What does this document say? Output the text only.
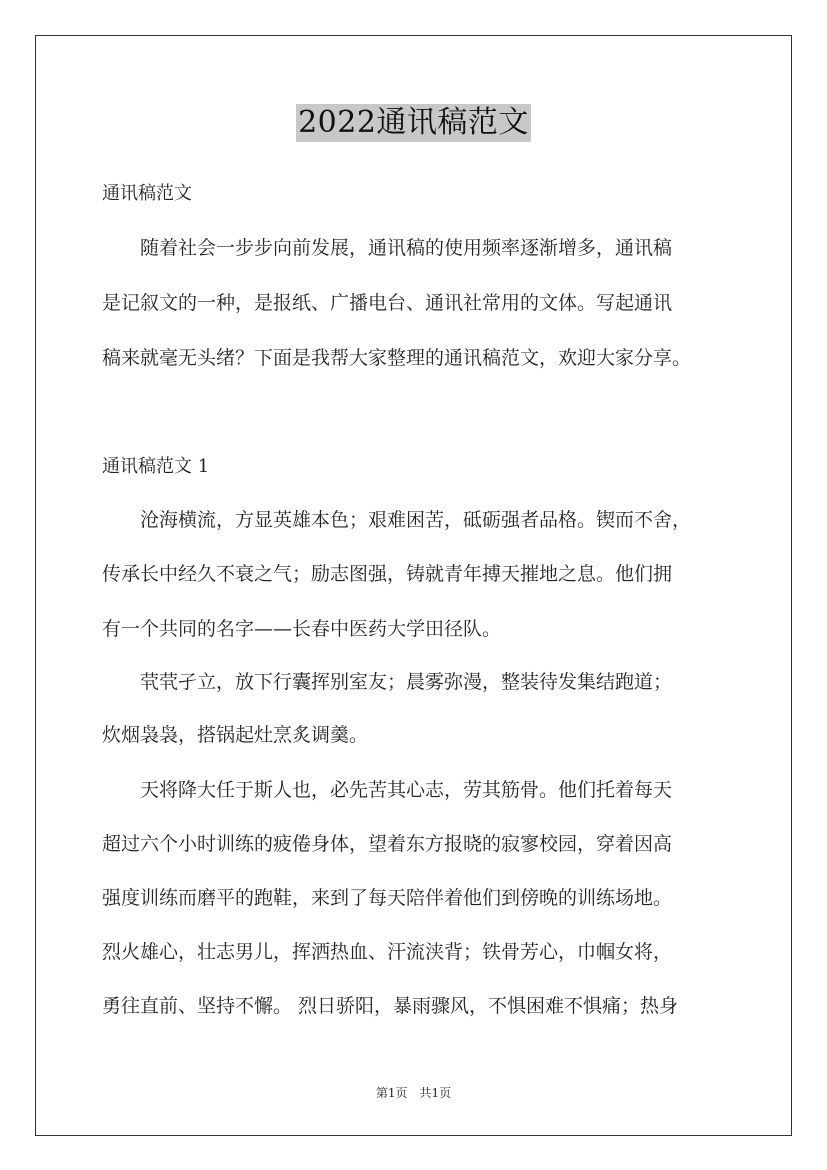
2022通讯稿范文
通讯稿范文
随着社会一步步向前发展，通讯稿的使用频率逐渐增多，通讯稿
是记叙文的一种，是报纸、广播电台、通讯社常用的文体。写起通讯
稿来就毫无头绪？下面是我帮大家整理的通讯稿范文，欢迎大家分享。
通讯稿范文 1
沧海横流，方显英雄本色；艰难困苦，砥砺强者品格。锲而不舍，
传承长中经久不衰之气；励志图强，铸就青年搏天摧地之息。他们拥
有一个共同的名字——长春中医药大学田径队。
茕茕孑立，放下行囊挥别室友；晨雾弥漫，整装待发集结跑道；
炊烟袅袅，搭锅起灶烹炙调羹。
天将降大任于斯人也，必先苦其心志，劳其筋骨。他们托着每天
超过六个小时训练的疲倦身体，望着东方报晓的寂寥校园，穿着因高
强度训练而磨平的跑鞋，来到了每天陪伴着他们到傍晚的训练场地。
烈火雄心，壮志男儿，挥洒热血、汗流浃背；铁骨芳心，巾帼女将，
勇往直前、坚持不懈。 烈日骄阳，暴雨骤风，不惧困难不惧痛；热身
第1页　共1页
